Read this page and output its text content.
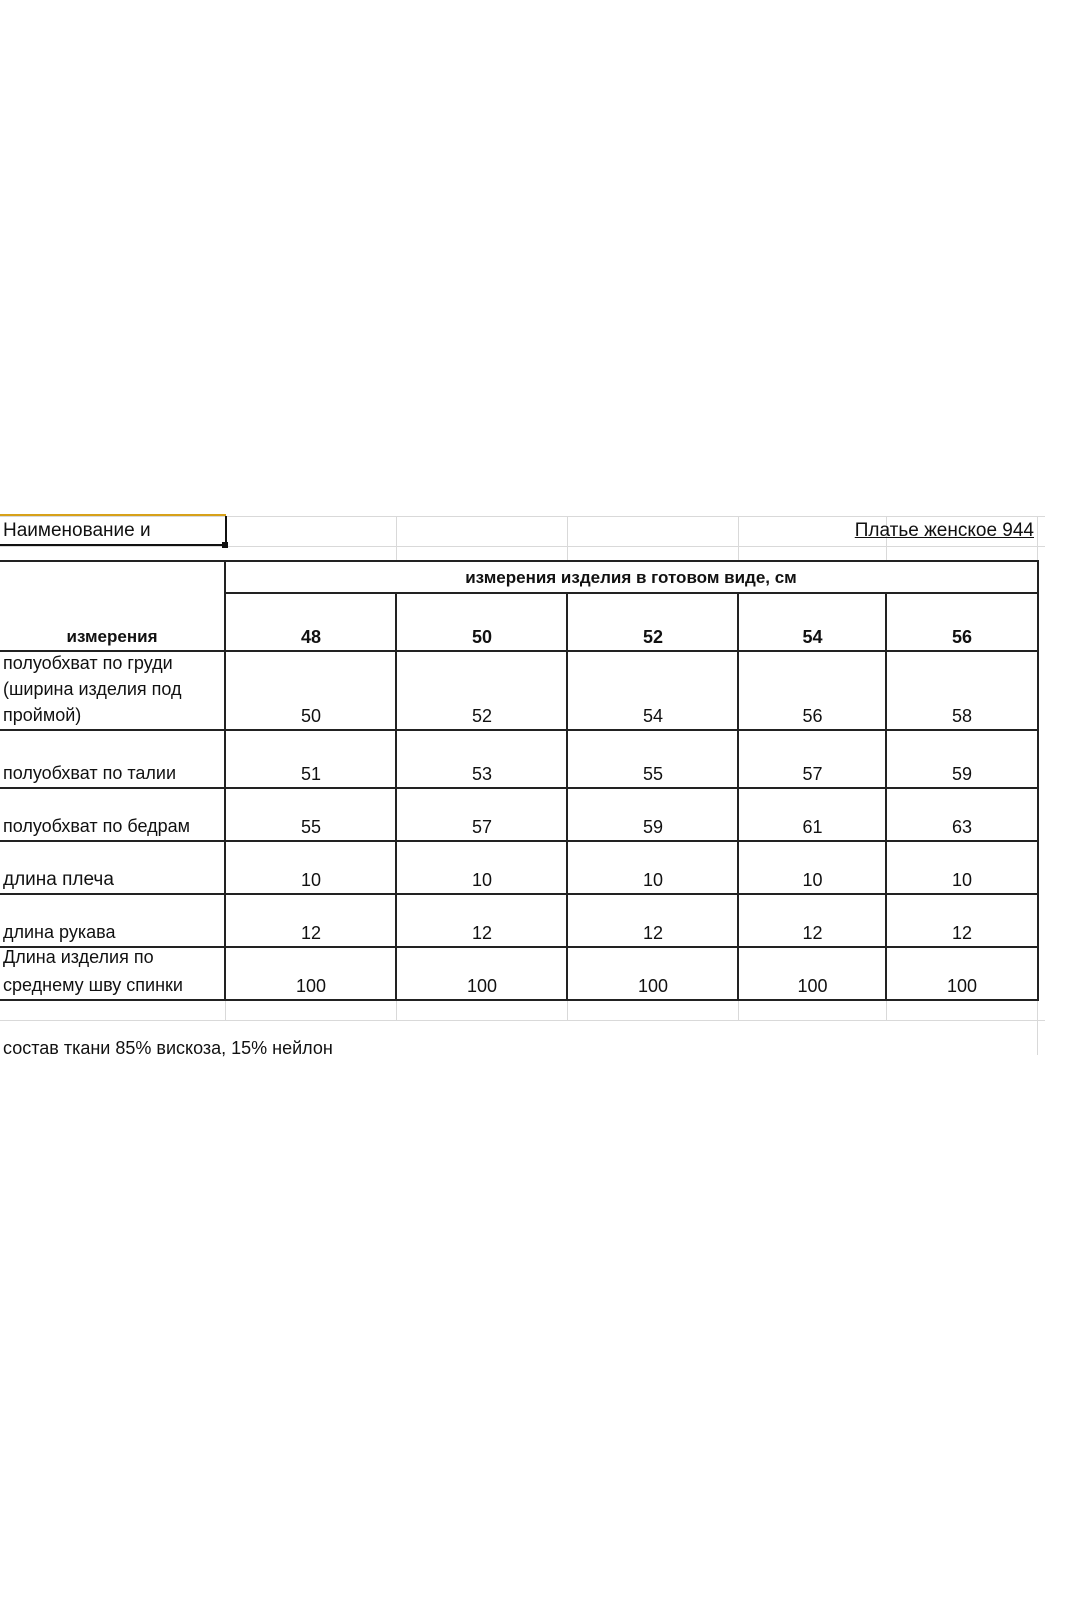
Наименование и	Платье женское 944
измерения изделия в готовом виде, см
измерения	48	50	52	54	56
полуобхват по груди
(ширина изделия под
проймой)	50	52	54	56	58
полуобхват по талии	51	53	55	57	59
полуобхват по бедрам	55	57	59	61	63
длина плеча	10	10	10	10	10
длина рукава	12	12	12	12	12
Длина изделия по
среднему шву спинки	100	100	100	100	100
состав ткани 85% вискоза, 15% нейлон
